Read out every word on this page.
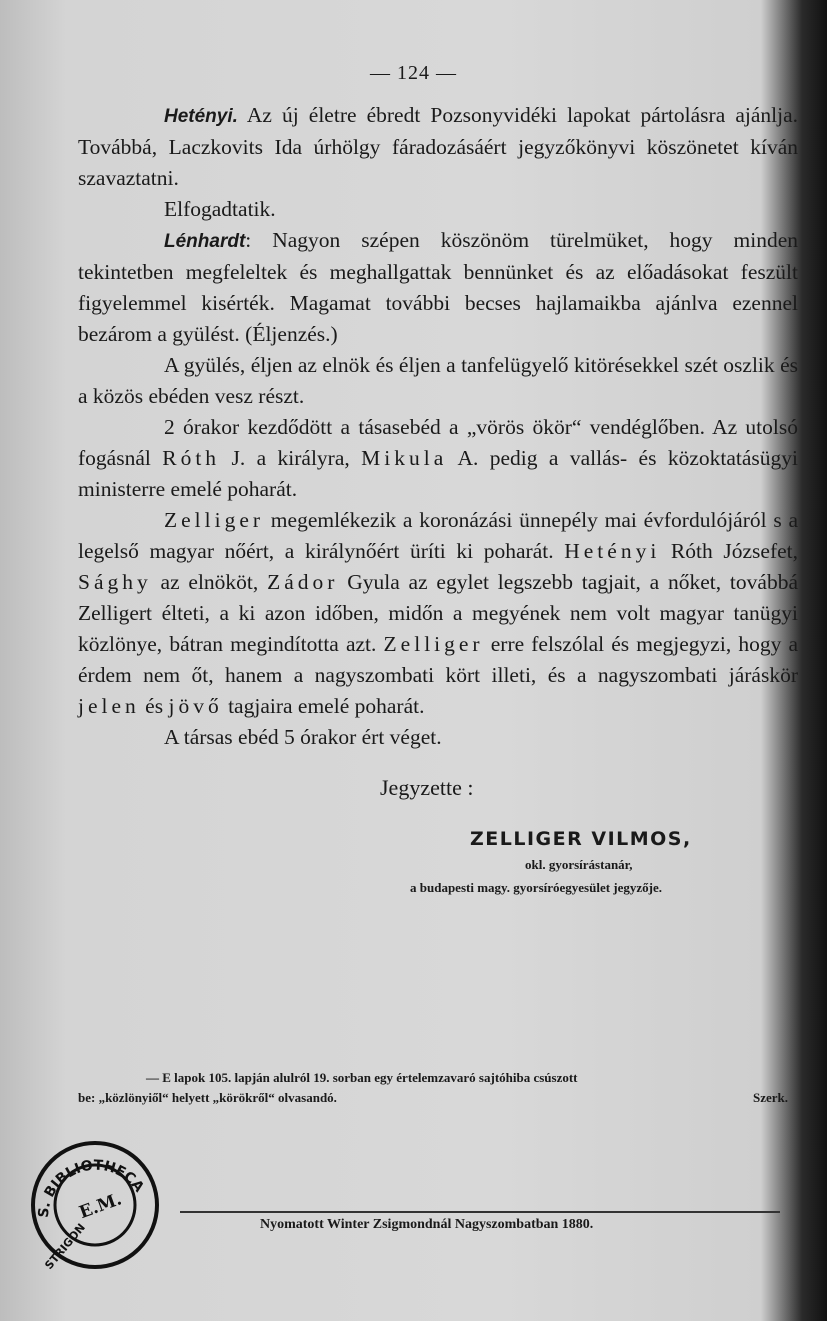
— 124 —

Hetényi. Az új életre ébredt Pozsonyvidéki lapokat pártolásra ajánlja. Továbbá, Laczkovits Ida úrhölgy fáradozásáért jegyzőkönyvi köszönetet kíván szavaztatni.

Elfogadtatik.

Lénhardt: Nagyon szépen köszönöm türelmüket, hogy minden tekintetben megfeleltek és meghallgattak bennünket és az előadásokat feszült figyelemmel kisérték. Magamat további becses hajlamaikba ajánlva ezennel bezárom a gyülést. (Éljenzés.)

A gyülés, éljen az elnök és éljen a tanfelügyelő kitörésekkel szét oszlik és a közös ebéden vesz részt.

2 órakor kezdődött a tásasebéd a „vörös ökör“ vendéglőben. Az utolsó fogásnál Róth J. a királyra, Mikula A. pedig a vallás- és közoktatásügyi ministerre emelé poharát.

Zelliger megemlékezik a koronázási ünnepély mai évfordulójáról s a legelső magyar nőért, a királynőért üríti ki poharát. Hetényi Róth Józsefet, Sághy az elnököt, Zádor Gyula az egylet legszebb tagjait, a nőket, továbbá Zelligert élteti, a ki azon időben, midőn a megyének nem volt magyar tanügyi közlönye, bátran megindította azt. Zelliger erre felszólal és megjegyzi, hogy a érdem nem őt, hanem a nagyszombati kört illeti, és a nagyszombati járáskör jelen és jövő tagjaira emelé poharát.

A társas ebéd 5 órakor ért véget.

Jegyzette :
ZELLIGER VILMOS,
okl. gyorsírástanár,
a budapesti magy. gyorsíróegyesület jegyzője.
— E lapok 105. lapján alulról 19. sorban egy értelemzavaró sajtóhiba csúszott
be: „közlönyiől“ helyett „körökről“ olvasandó.	Szerk.
Nyomatott Winter Zsigmondnál Nagyszombatban 1880.
S. BIBLIOTHECA
E.M.
STRIGON
